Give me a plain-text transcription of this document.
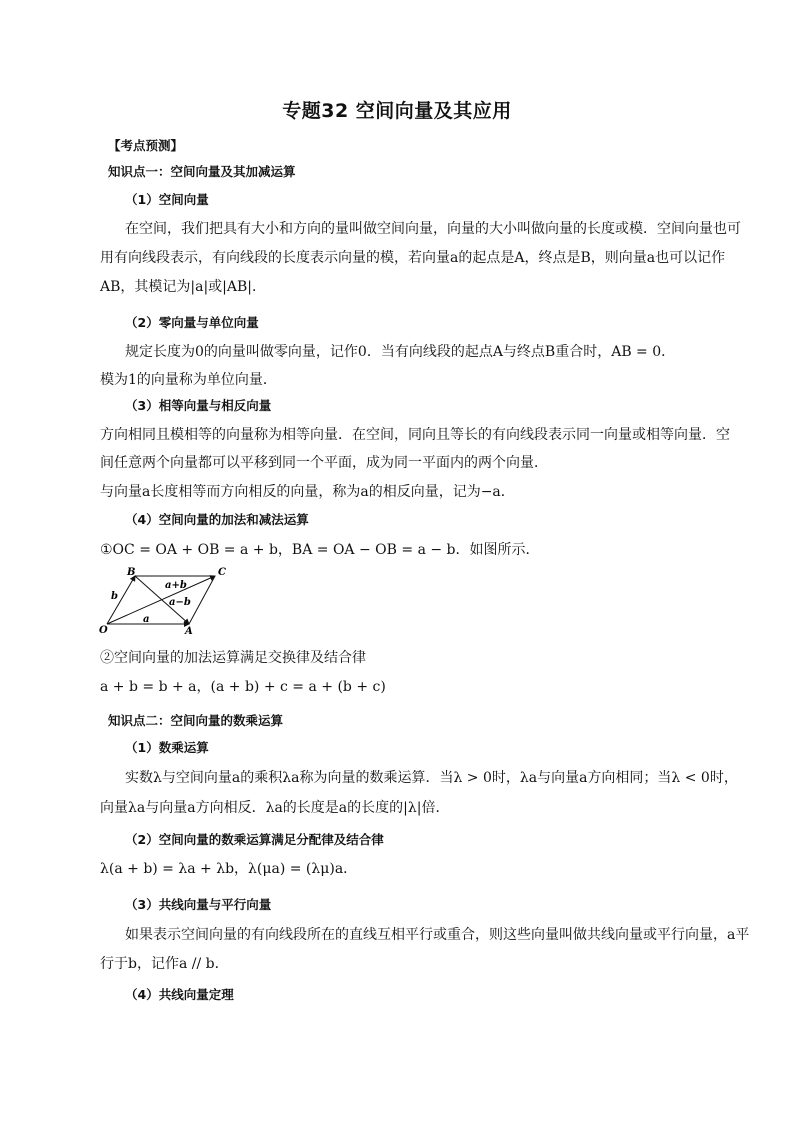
专题32 空间向量及其应用
【考点预测】
知识点一：空间向量及其加减运算
（1）空间向量
在空间，我们把具有大小和方向的量叫做空间向量，向量的大小叫做向量的长度或模．空间向量也可
用有向线段表示，有向线段的长度表示向量的模，若向量a的起点是A，终点是B，则向量a也可以记作
AB，其模记为|a|或|AB|．
（2）零向量与单位向量
规定长度为0的向量叫做零向量，记作0．当有向线段的起点A与终点B重合时，AB = 0．
模为1的向量称为单位向量．
（3）相等向量与相反向量
方向相同且模相等的向量称为相等向量．在空间，同向且等长的有向线段表示同一向量或相等向量．空
间任意两个向量都可以平移到同一个平面，成为同一平面内的两个向量．
与向量a长度相等而方向相反的向量，称为a的相反向量，记为−a．
（4）空间向量的加法和减法运算
①OC = OA + OB = a + b，BA = OA − OB = a − b．如图所示．
B	C
O	A
a
b
a+b
a−b
②空间向量的加法运算满足交换律及结合律
a + b = b + a，(a + b) + c = a + (b + c)
知识点二：空间向量的数乘运算
（1）数乘运算
实数λ与空间向量a的乘积λa称为向量的数乘运算．当λ > 0时，λa与向量a方向相同；当λ < 0时，
向量λa与向量a方向相反．λa的长度是a的长度的|λ|倍．
（2）空间向量的数乘运算满足分配律及结合律
λ(a + b) = λa + λb，λ(μa) = (λμ)a．
（3）共线向量与平行向量
如果表示空间向量的有向线段所在的直线互相平行或重合，则这些向量叫做共线向量或平行向量，a平
行于b，记作a // b．
（4）共线向量定理
